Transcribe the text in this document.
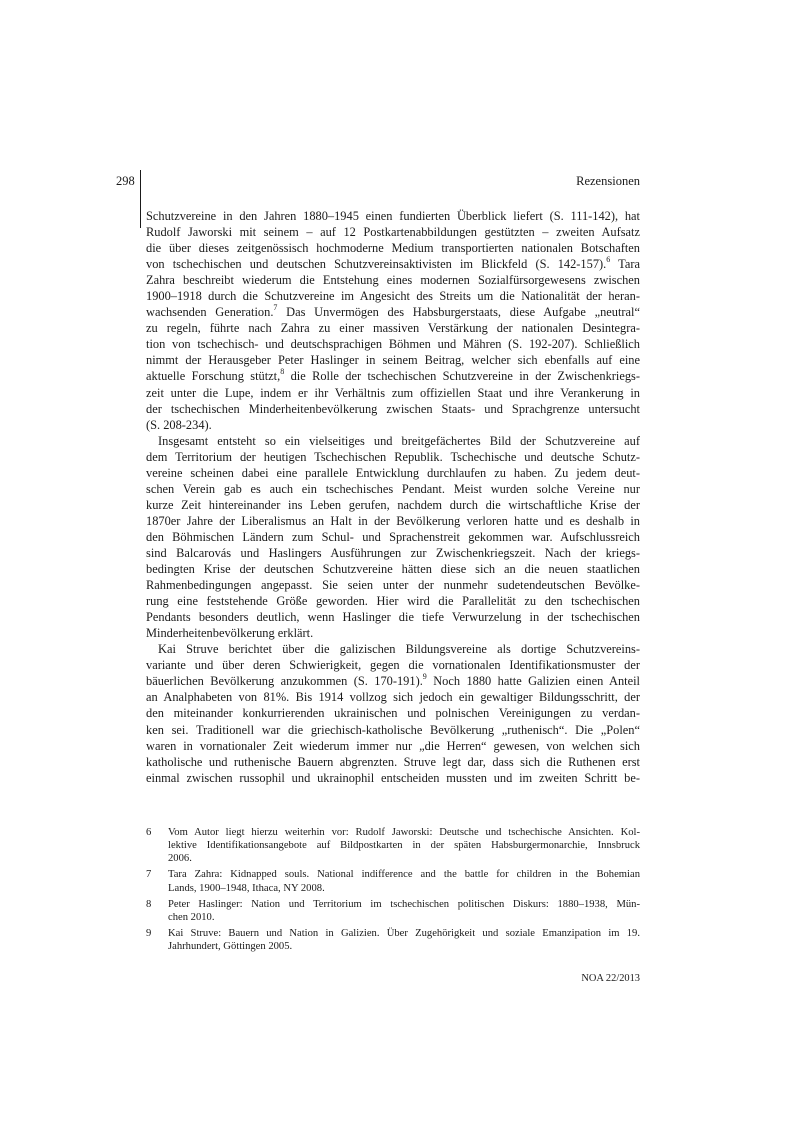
298	Rezensionen
Schutzvereine in den Jahren 1880–1945 einen fundierten Überblick liefert (S. 111-142), hat
Rudolf Jaworski mit seinem – auf 12 Postkartenabbildungen gestützten – zweiten Aufsatz
die über dieses zeitgenössisch hochmoderne Medium transportierten nationalen Botschaften
von tschechischen und deutschen Schutzvereinsaktivisten im Blickfeld (S. 142-157).$^6$ Tara
Zahra beschreibt wiederum die Entstehung eines modernen Sozialfürsorgewesens zwischen
1900–1918 durch die Schutzvereine im Angesicht des Streits um die Nationalität der heran-
wachsenden Generation.$^7$ Das Unvermögen des Habsburgerstaats, diese Aufgabe „neutral“
zu regeln, führte nach Zahra zu einer massiven Verstärkung der nationalen Desintegra-
tion von tschechisch- und deutschsprachigen Böhmen und Mähren (S. 192-207). Schließlich
nimmt der Herausgeber Peter Haslinger in seinem Beitrag, welcher sich ebenfalls auf eine
aktuelle Forschung stützt,$^8$ die Rolle der tschechischen Schutzvereine in der Zwischenkriegs-
zeit unter die Lupe, indem er ihr Verhältnis zum offiziellen Staat und ihre Verankerung in
der tschechischen Minderheitenbevölkerung zwischen Staats- und Sprachgrenze untersucht
(S. 208-234).
Insgesamt entsteht so ein vielseitiges und breitgefächertes Bild der Schutzvereine auf
dem Territorium der heutigen Tschechischen Republik. Tschechische und deutsche Schutz-
vereine scheinen dabei eine parallele Entwicklung durchlaufen zu haben. Zu jedem deut-
schen Verein gab es auch ein tschechisches Pendant. Meist wurden solche Vereine nur
kurze Zeit hintereinander ins Leben gerufen, nachdem durch die wirtschaftliche Krise der
1870er Jahre der Liberalismus an Halt in der Bevölkerung verloren hatte und es deshalb in
den Böhmischen Ländern zum Schul- und Sprachenstreit gekommen war. Aufschlussreich
sind Balcarovás und Haslingers Ausführungen zur Zwischenkriegszeit. Nach der kriegs-
bedingten Krise der deutschen Schutzvereine hätten diese sich an die neuen staatlichen
Rahmenbedingungen angepasst. Sie seien unter der nunmehr sudetendeutschen Bevölke-
rung eine feststehende Größe geworden. Hier wird die Parallelität zu den tschechischen
Pendants besonders deutlich, wenn Haslinger die tiefe Verwurzelung in der tschechischen
Minderheitenbevölkerung erklärt.
Kai Struve berichtet über die galizischen Bildungsvereine als dortige Schutzvereins-
variante und über deren Schwierigkeit, gegen die vornationalen Identifikationsmuster der
bäuerlichen Bevölkerung anzukommen (S. 170-191).$^9$ Noch 1880 hatte Galizien einen Anteil
an Analphabeten von 81%. Bis 1914 vollzog sich jedoch ein gewaltiger Bildungsschritt, der
den miteinander konkurrierenden ukrainischen und polnischen Vereinigungen zu verdan-
ken sei. Traditionell war die griechisch-katholische Bevölkerung „ruthenisch“. Die „Polen“
waren in vornationaler Zeit wiederum immer nur „die Herren“ gewesen, von welchen sich
katholische und ruthenische Bauern abgrenzten. Struve legt dar, dass sich die Ruthenen erst
einmal zwischen russophil und ukrainophil entscheiden mussten und im zweiten Schritt be-
6	Vom Autor liegt hierzu weiterhin vor: Rudolf Jaworski: Deutsche und tschechische Ansichten. Kol-
lektive Identifikationsangebote auf Bildpostkarten in der späten Habsburgermonarchie, Innsbruck
2006.
7	Tara Zahra: Kidnapped souls. National indifference and the battle for children in the Bohemian
Lands, 1900–1948, Ithaca, NY 2008.
8	Peter Haslinger: Nation und Territorium im tschechischen politischen Diskurs: 1880–1938, Mün-
chen 2010.
9	Kai Struve: Bauern und Nation in Galizien. Über Zugehörigkeit und soziale Emanzipation im 19.
Jahrhundert, Göttingen 2005.
NOA 22/2013
